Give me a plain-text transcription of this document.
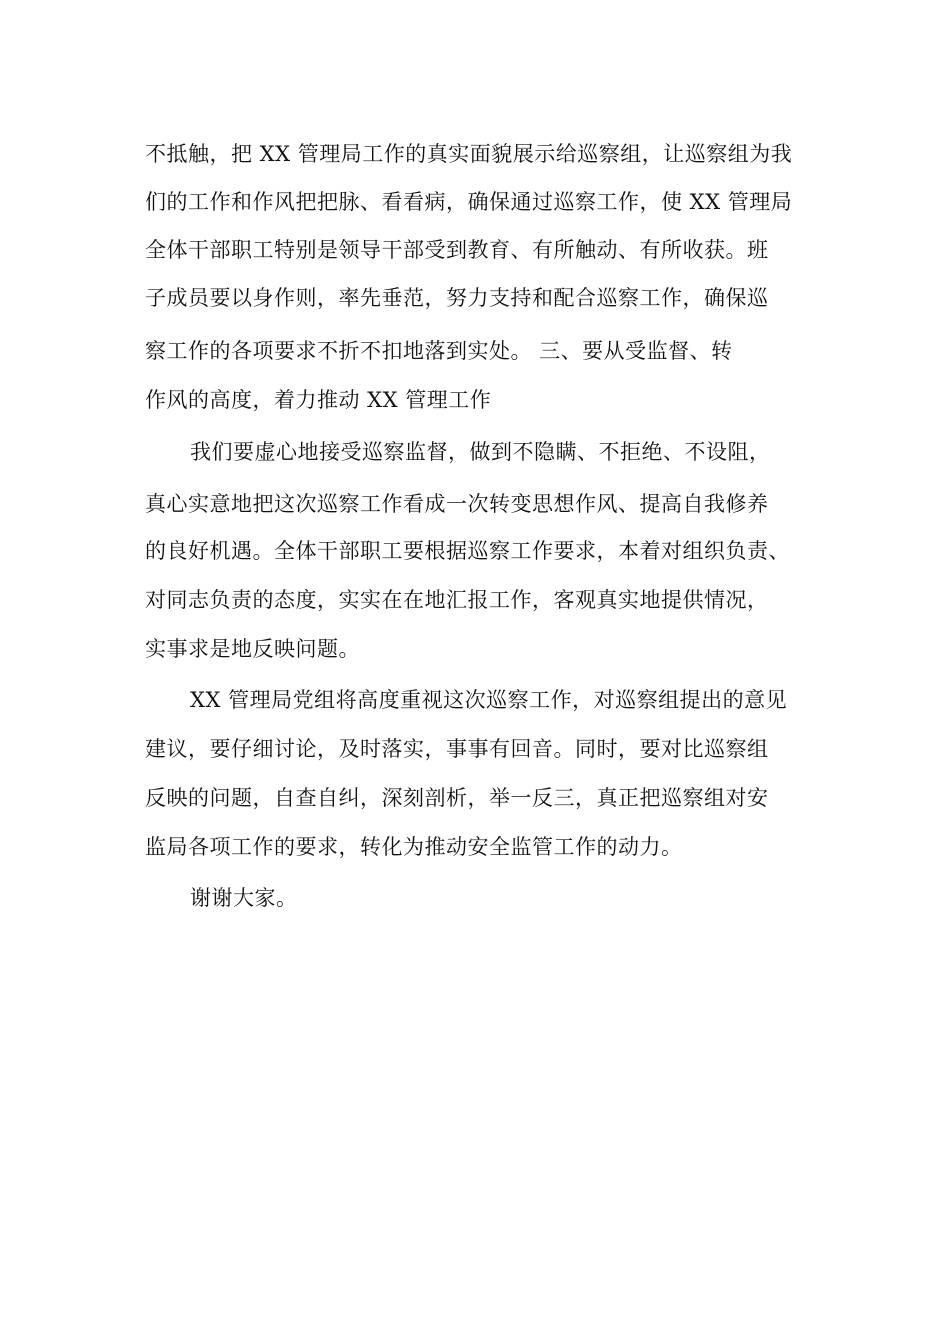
不抵触，把 XX 管理局工作的真实面貌展示给巡察组，让巡察组为我
们的工作和作风把把脉、看看病，确保通过巡察工作，使 XX 管理局
全体干部职工特别是领导干部受到教育、有所触动、有所收获。班
子成员要以身作则，率先垂范，努力支持和配合巡察工作，确保巡
察工作的各项要求不折不扣地落到实处。 三、要从受监督、转
作风的高度，着力推动 XX 管理工作
我们要虚心地接受巡察监督，做到不隐瞒、不拒绝、不设阻，
真心实意地把这次巡察工作看成一次转变思想作风、提高自我修养
的良好机遇。全体干部职工要根据巡察工作要求，本着对组织负责、
对同志负责的态度，实实在在地汇报工作，客观真实地提供情况，
实事求是地反映问题。
XX 管理局党组将高度重视这次巡察工作，对巡察组提出的意见
建议，要仔细讨论，及时落实，事事有回音。同时，要对比巡察组
反映的问题，自查自纠，深刻剖析，举一反三，真正把巡察组对安
监局各项工作的要求，转化为推动安全监管工作的动力。
谢谢大家。
